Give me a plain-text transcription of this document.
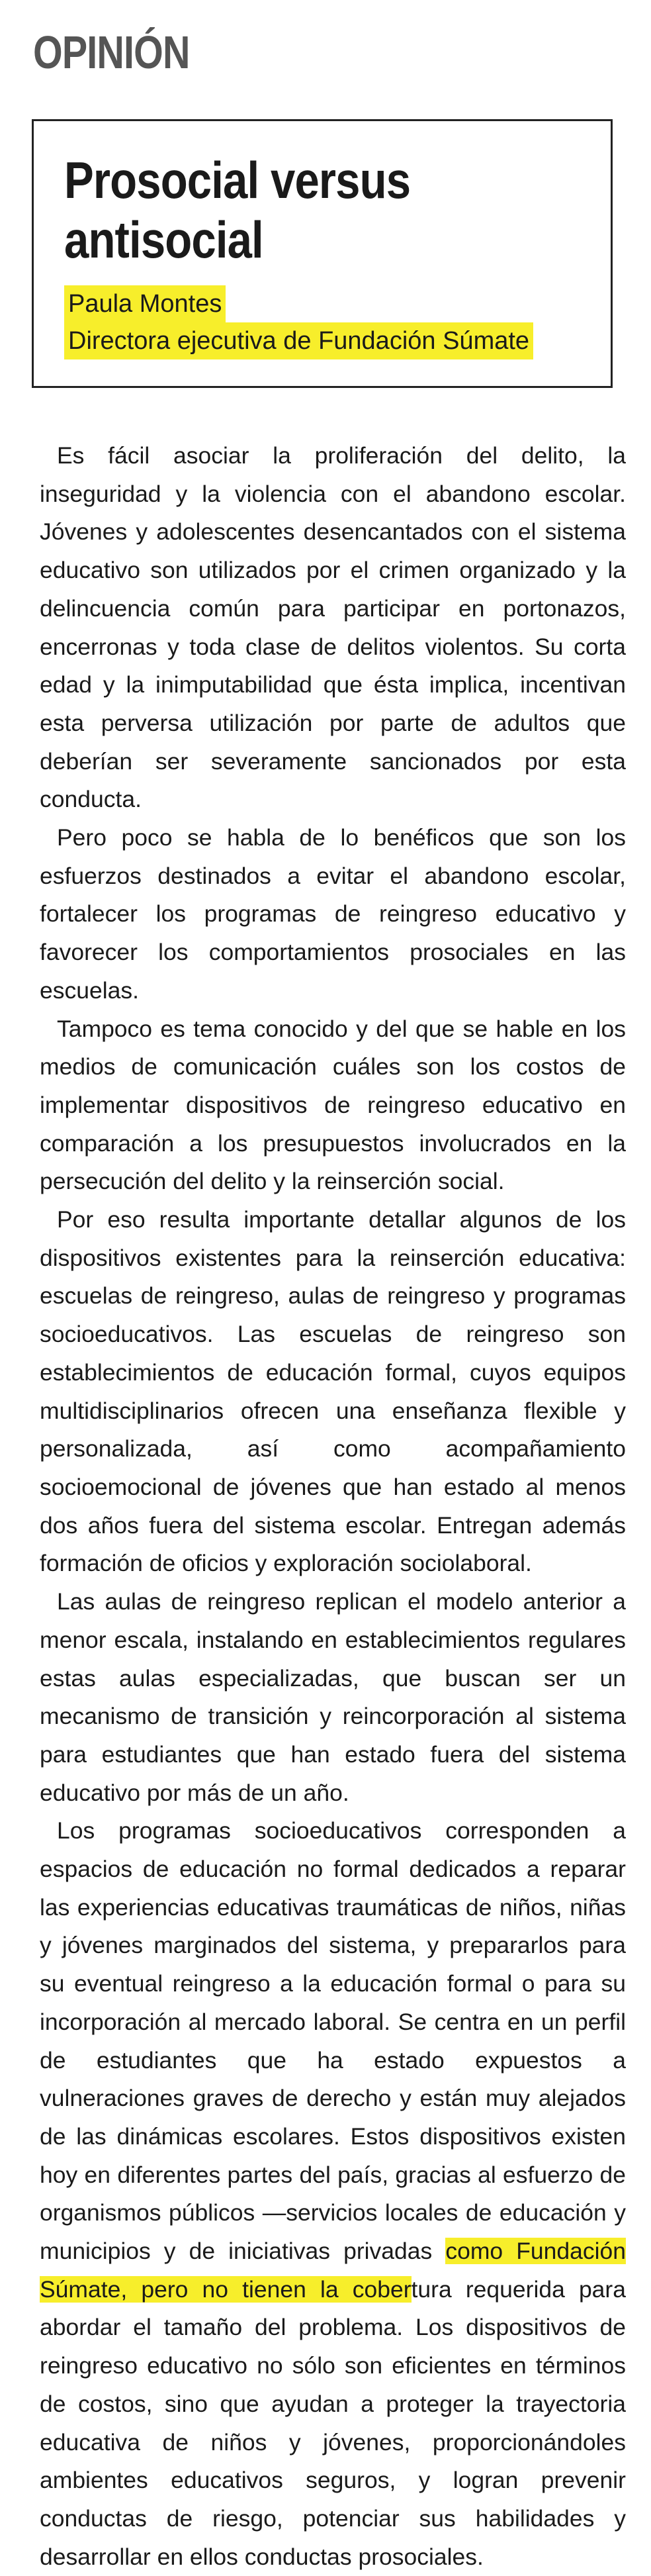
OPINIÓN
Prosocial versus antisocial
Paula Montes
Directora ejecutiva de Fundación Súmate

Es fácil asociar la proliferación del delito, la inseguridad y la violencia con el abandono escolar. Jóvenes y adolescentes desencantados con el sistema educativo son utilizados por el crimen organizado y la delincuencia común para participar en portonazos, encerronas y toda clase de delitos violentos. Su corta edad y la inimputabilidad que ésta implica, incentivan esta perversa utilización por parte de adultos que deberían ser severamente sancionados por esta conducta.

Pero poco se habla de lo benéficos que son los esfuerzos destinados a evitar el abandono escolar, fortalecer los programas de reingreso educativo y favorecer los comportamientos prosociales en las escuelas.

Tampoco es tema conocido y del que se hable en los medios de comunicación cuáles son los costos de implementar dispositivos de reingreso educativo en comparación a los presupuestos involucrados en la persecución del delito y la reinserción social.

Por eso resulta importante detallar algunos de los dispositivos existentes para la reinserción educativa: escuelas de reingreso, aulas de reingreso y programas socioeducativos. Las escuelas de reingreso son establecimientos de educación formal, cuyos equipos multidisciplinarios ofrecen una enseñanza flexible y personalizada, así como acompañamiento socioemocional de jóvenes que han estado al menos dos años fuera del sistema escolar. Entregan además formación de oficios y exploración sociolaboral.

Las aulas de reingreso replican el modelo anterior a menor escala, instalando en establecimientos regulares estas aulas especializadas, que buscan ser un mecanismo de transición y reincorporación al sistema para estudiantes que han estado fuera del sistema educativo por más de un año.

Los programas socioeducativos corresponden a espacios de educación no formal dedicados a reparar las experiencias educativas traumáticas de niños, niñas y jóvenes marginados del sistema, y prepararlos para su eventual reingreso a la educación formal o para su incorporación al mercado laboral. Se centra en un perfil de estudiantes que ha estado expuestos a vulneraciones graves de derecho y están muy alejados de las dinámicas escolares. Estos dispositivos existen hoy en diferentes partes del país, gracias al esfuerzo de organismos públicos —servicios locales de educación y municipios y de iniciativas privadas como Fundación Súmate, pero no tienen la cobertura requerida para abordar el tamaño del problema. Los dispositivos de reingreso educativo no sólo son eficientes en términos de costos, sino que ayudan a proteger la trayectoria educativa de niños y jóvenes, proporcionándoles ambientes educativos seguros, y logran prevenir conductas de riesgo, potenciar sus habilidades y desarrollar en ellos conductas prosociales.
